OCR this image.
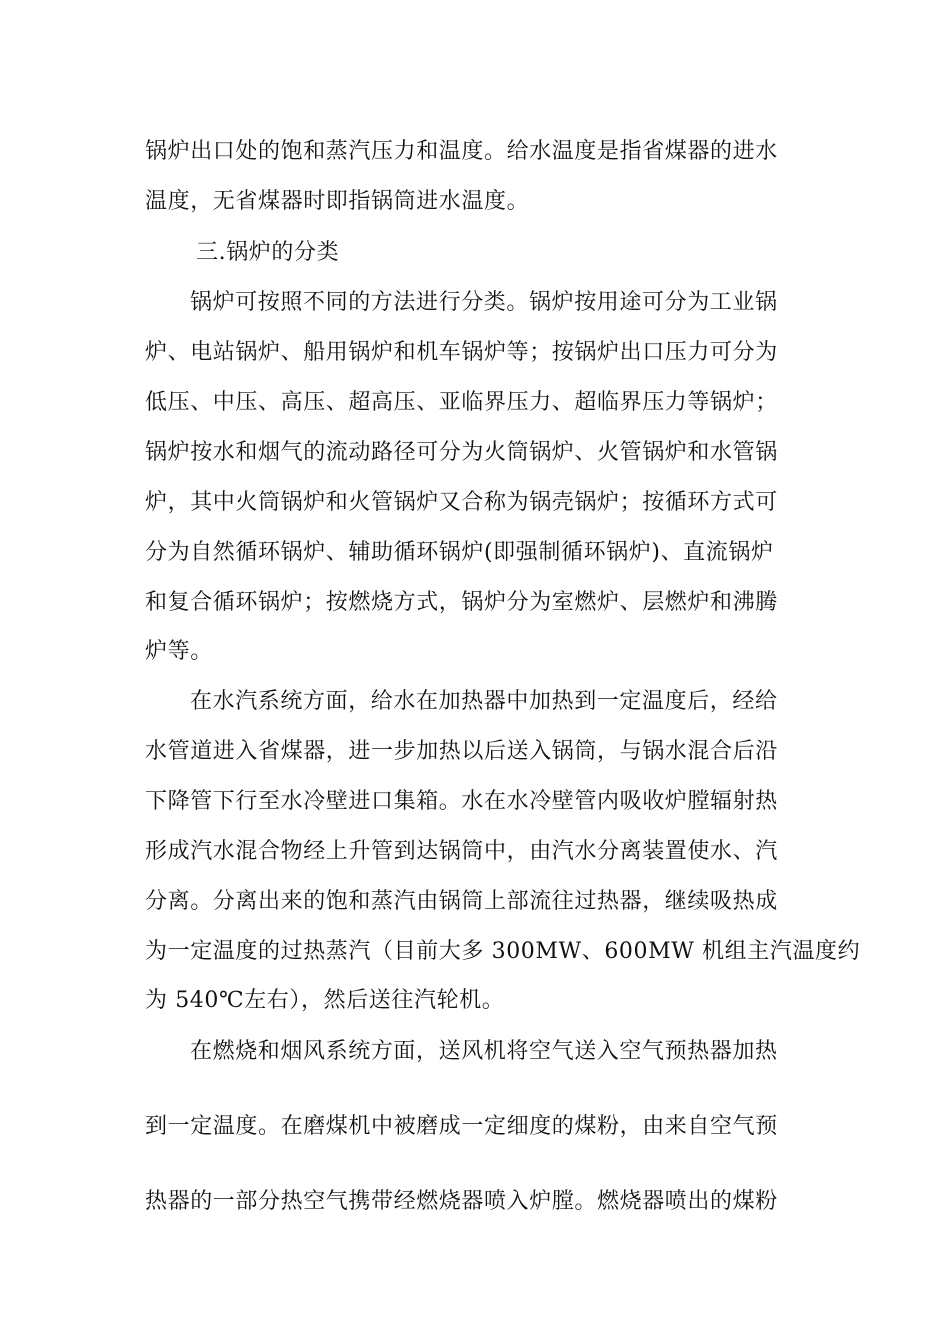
锅炉出口处的饱和蒸汽压力和温度。给水温度是指省煤器的进水
温度，无省煤器时即指锅筒进水温度。
三.锅炉的分类
锅炉可按照不同的方法进行分类。锅炉按用途可分为工业锅
炉、电站锅炉、船用锅炉和机车锅炉等；按锅炉出口压力可分为
低压、中压、高压、超高压、亚临界压力、超临界压力等锅炉；
锅炉按水和烟气的流动路径可分为火筒锅炉、火管锅炉和水管锅
炉，其中火筒锅炉和火管锅炉又合称为锅壳锅炉；按循环方式可
分为自然循环锅炉、辅助循环锅炉(即强制循环锅炉)、直流锅炉
和复合循环锅炉；按燃烧方式，锅炉分为室燃炉、层燃炉和沸腾
炉等。
在水汽系统方面，给水在加热器中加热到一定温度后，经给
水管道进入省煤器，进一步加热以后送入锅筒，与锅水混合后沿
下降管下行至水冷壁进口集箱。水在水冷壁管内吸收炉膛辐射热
形成汽水混合物经上升管到达锅筒中，由汽水分离装置使水、汽
分离。分离出来的饱和蒸汽由锅筒上部流往过热器，继续吸热成
为一定温度的过热蒸汽（目前大多 300MW、600MW 机组主汽温度约
为 540℃左右），然后送往汽轮机。
在燃烧和烟风系统方面，送风机将空气送入空气预热器加热
到一定温度。在磨煤机中被磨成一定细度的煤粉，由来自空气预
热器的一部分热空气携带经燃烧器喷入炉膛。燃烧器喷出的煤粉
